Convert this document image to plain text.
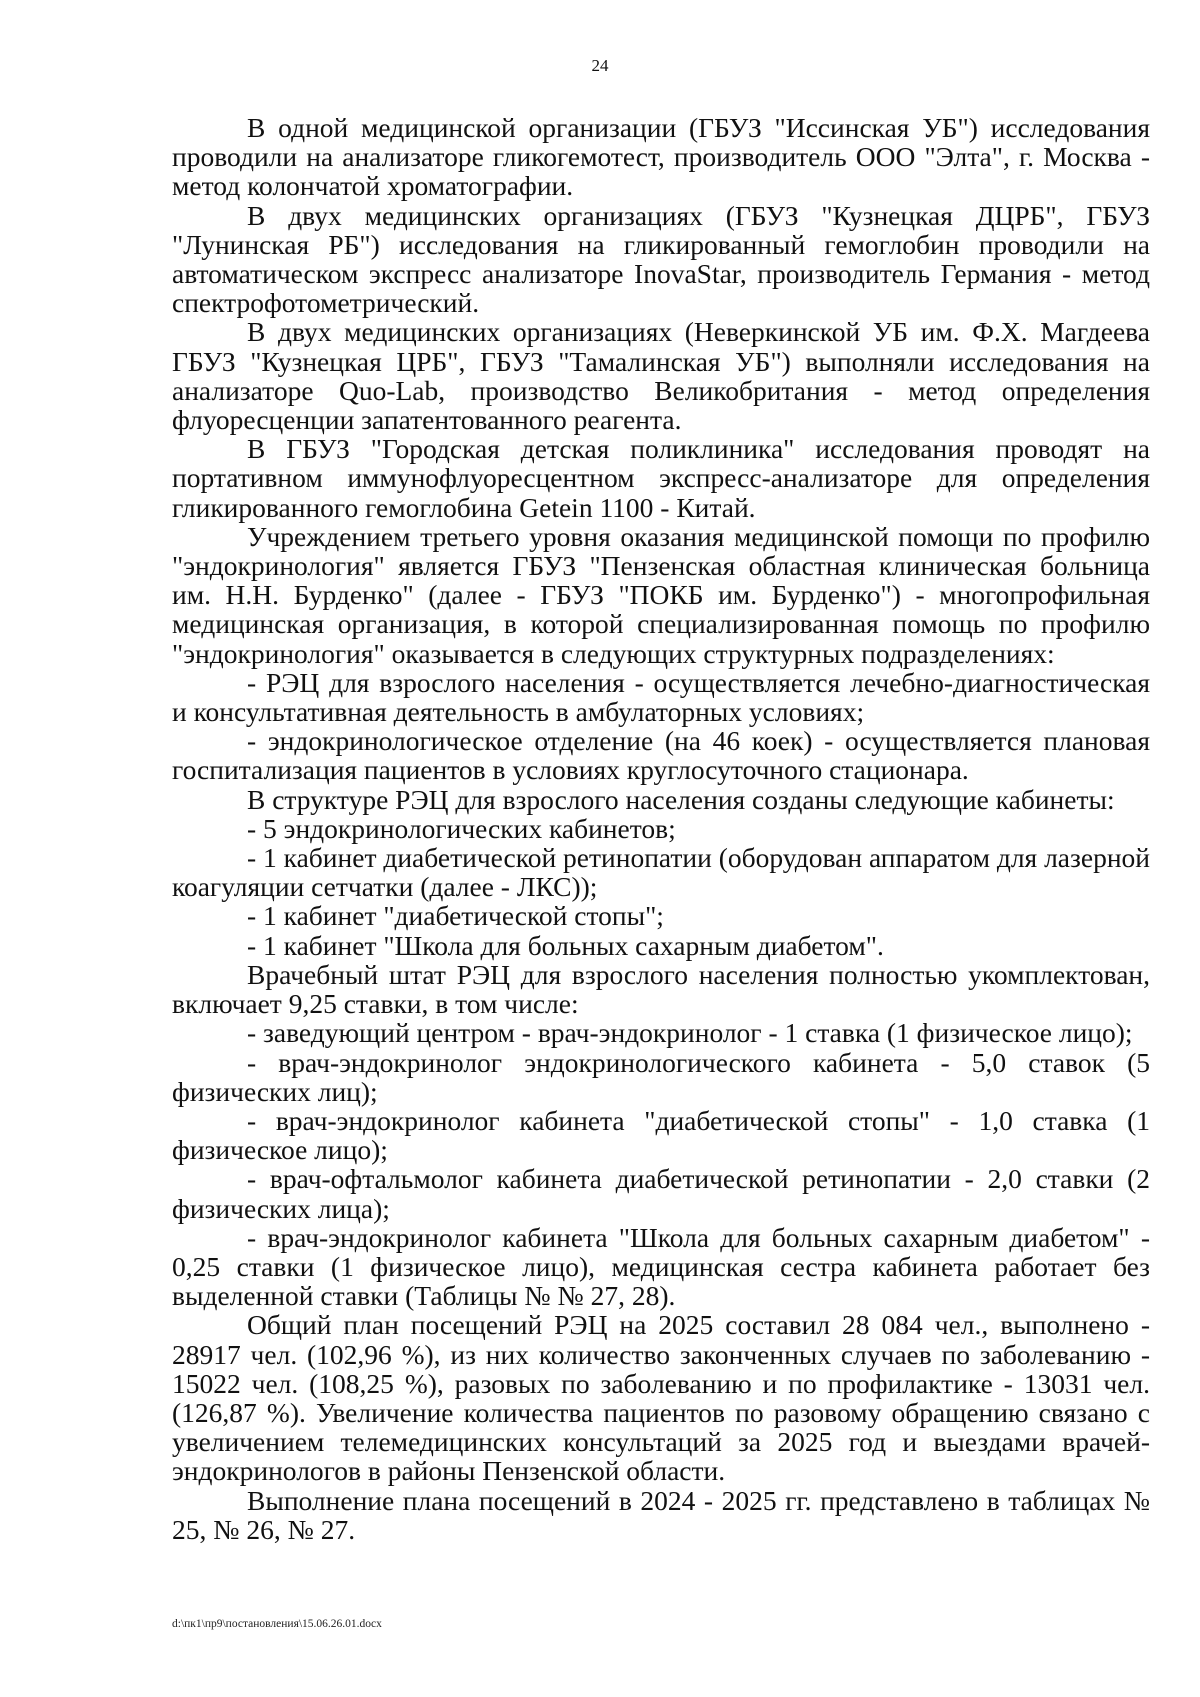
24

В одной медицинской организации (ГБУЗ "Иссинская УБ") исследования проводили на анализаторе гликогемотест, производитель ООО "Элта", г. Москва - метод колончатой хроматографии.

В двух медицинских организациях (ГБУЗ "Кузнецкая ДЦРБ", ГБУЗ "Лунинская РБ") исследования на гликированный гемоглобин проводили на автоматическом экспресс анализаторе InovaStar, производитель Германия - метод спектрофотометрический.

В двух медицинских организациях (Неверкинской УБ им. Ф.Х. Магдеева ГБУЗ "Кузнецкая ЦРБ", ГБУЗ "Тамалинская УБ") выполняли исследования на анализаторе Quo-Lab, производство Великобритания - метод определения флуоресценции запатентованного реагента.

В ГБУЗ "Городская детская поликлиника" исследования проводят на портативном иммунофлуоресцентном экспресс-анализаторе для определения гликированного гемоглобина Getein 1100 - Китай.

Учреждением третьего уровня оказания медицинской помощи по профилю "эндокринология" является ГБУЗ "Пензенская областная клиническая больница им. Н.Н. Бурденко" (далее - ГБУЗ "ПОКБ им. Бурденко") - многопрофильная медицинская организация, в которой специализированная помощь по профилю "эндокринология" оказывается в следующих структурных подразделениях:

- РЭЦ для взрослого населения - осуществляется лечебно-диагностическая и консультативная деятельность в амбулаторных условиях;

- эндокринологическое отделение (на 46 коек) - осуществляется плановая госпитализация пациентов в условиях круглосуточного стационара.

В структуре РЭЦ для взрослого населения созданы следующие кабинеты:

- 5 эндокринологических кабинетов;

- 1 кабинет диабетической ретинопатии (оборудован аппаратом для лазерной коагуляции сетчатки (далее - ЛКС));

- 1 кабинет "диабетической стопы";

- 1 кабинет "Школа для больных сахарным диабетом".

Врачебный штат РЭЦ для взрослого населения полностью укомплектован, включает 9,25 ставки, в том числе:

- заведующий центром - врач-эндокринолог - 1 ставка (1 физическое лицо);

- врач-эндокринолог эндокринологического кабинета - 5,0 ставок (5 физических лиц);

- врач-эндокринолог кабинета "диабетической стопы" - 1,0 ставка (1 физическое лицо);

- врач-офтальмолог кабинета диабетической ретинопатии - 2,0 ставки (2 физических лица);

- врач-эндокринолог кабинета "Школа для больных сахарным диабетом" - 0,25 ставки (1 физическое лицо), медицинская сестра кабинета работает без выделенной ставки (Таблицы № № 27, 28).

Общий план посещений РЭЦ на 2025 составил 28 084 чел., выполнено - 28917 чел. (102,96 %), из них количество законченных случаев по заболеванию - 15022 чел. (108,25 %), разовых по заболеванию и по профилактике - 13031 чел. (126,87 %). Увеличение количества пациентов по разовому обращению связано с увеличением телемедицинских консультаций за 2025 год и выездами врачей-эндокринологов в районы Пензенской области.

Выполнение плана посещений в 2024 - 2025 гг. представлено в таблицах № 25, № 26, № 27.

d:\пк1\пр9\постановления\15.06.26.01.docx
